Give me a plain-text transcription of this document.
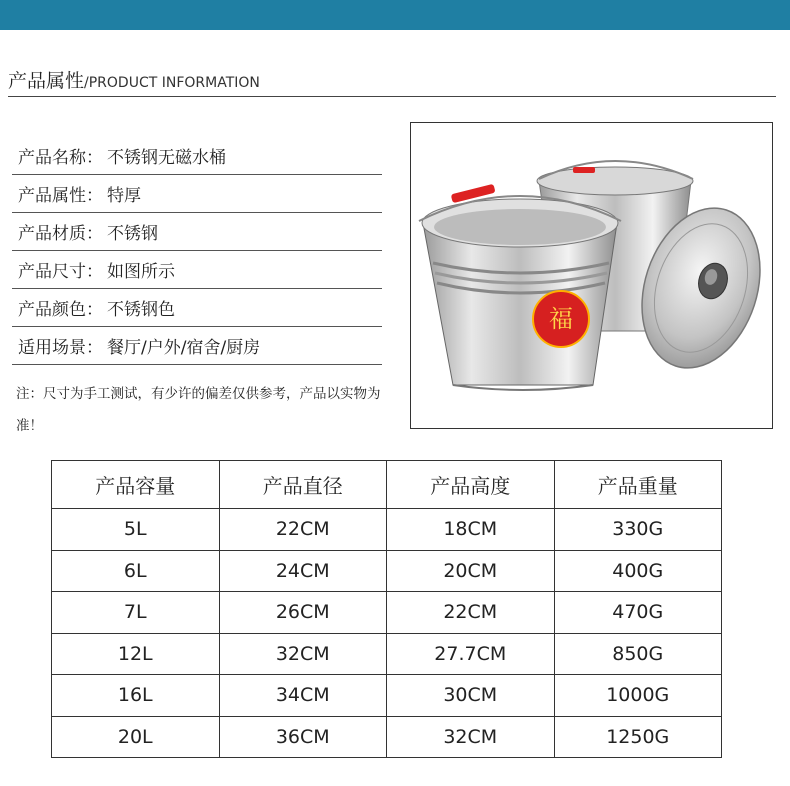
产品属性/PRODUCT INFORMATION
产品名称： 不锈钢无磁水桶
产品属性： 特厚
产品材质： 不锈钢
产品尺寸： 如图所示
产品颜色： 不锈钢色
适用场景： 餐厅/户外/宿舍/厨房
注：尺寸为手工测试，有少许的偏差仅供参考，产品以实物为准！
福
产品容量	产品直径	产品高度	产品重量
5L	22CM	18CM	330G
6L	24CM	20CM	400G
7L	26CM	22CM	470G
12L	32CM	27.7CM	850G
16L	34CM	30CM	1000G
20L	36CM	32CM	1250G
